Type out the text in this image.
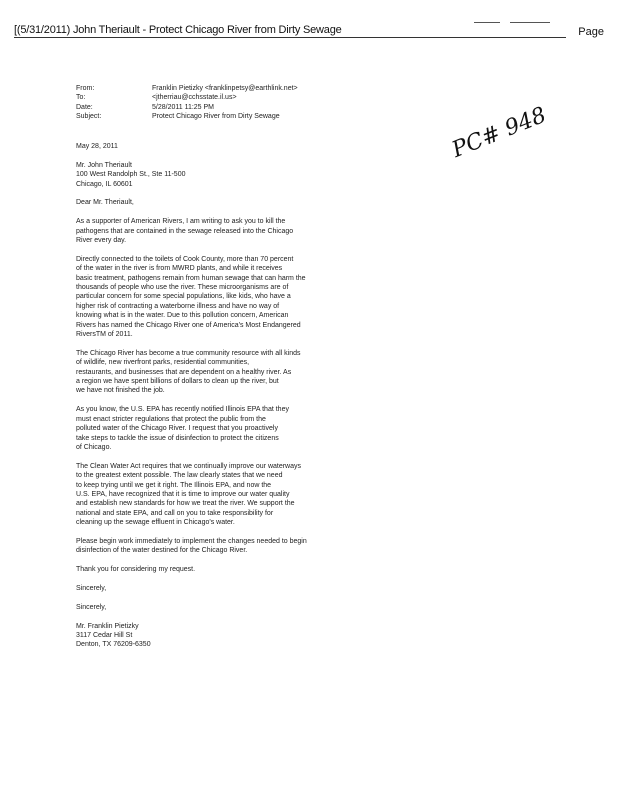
[(5/31/2011) John Theriault - Protect Chicago River from Dirty Sewage	Page
From:	Franklin Pietizky <franklinpetsy@earthlink.net>
To:	<jtherriau@cchsstate.il.us>
Date:	5/28/2011 11:25 PM
Subject:	Protect Chicago River from Dirty Sewage

May 28, 2011

Mr. John Theriault
100 West Randolph St., Ste 11-500
Chicago, IL 60601

Dear Mr. Theriault,

As a supporter of American Rivers, I am writing to ask you to kill the
pathogens that are contained in the sewage released into the Chicago
River every day.
Directly connected to the toilets of Cook County, more than 70 percent
of the water in the river is from MWRD plants, and while it receives
basic treatment, pathogens remain from human sewage that can harm the
thousands of people who use the river. These microorganisms are of
particular concern for some special populations, like kids, who have a
higher risk of contracting a waterborne illness and have no way of
knowing what is in the water. Due to this pollution concern, American
Rivers has named the Chicago River one of America's Most Endangered
RiversTM of 2011.
The Chicago River has become a true community resource with all kinds
of wildlife, new riverfront parks, residential communities,
restaurants, and businesses that are dependent on a healthy river. As
a region we have spent billions of dollars to clean up the river, but
we have not finished the job.
As you know, the U.S. EPA has recently notified Illinois EPA that they
must enact stricter regulations that protect the public from the
polluted water of the Chicago River. I request that you proactively
take steps to tackle the issue of disinfection to protect the citizens
of Chicago.
The Clean Water Act requires that we continually improve our waterways
to the greatest extent possible. The law clearly states that we need
to keep trying until we get it right. The Illinois EPA, and now the
U.S. EPA, have recognized that it is time to improve our water quality
and establish new standards for how we treat the river. We support the
national and state EPA, and call on you to take responsibility for
cleaning up the sewage effluent in Chicago's water.
Please begin work immediately to implement the changes needed to begin
disinfection of the water destined for the Chicago River.
Thank you for considering my request.
Sincerely,
Sincerely,
Mr. Franklin Pietizky
3117 Cedar Hill St
Denton, TX 76209-6350
PC# 948
